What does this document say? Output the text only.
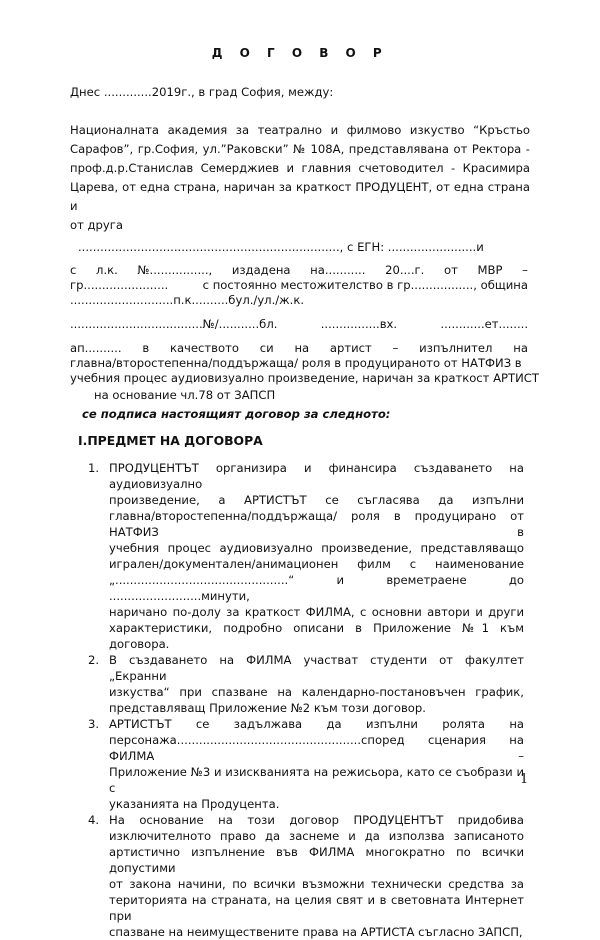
Д О Г О В О Р
Днес .............2019г., в град София, между:
Националната академия за театрално и филмово изкуство “Кръстьо
Сарафов”, гр.София, ул.”Раковски” № 108А, представлявана от Ректора -
проф.д.р.Станислав Семерджиев и главния счетоводител - Красимира
Царева, от една страна, наричан за краткост ПРОДУЦЕНТ, от една страна и
от друга
......................................................................., с ЕГН: ........................и
с л.к. №................, издадена на........... 20....г. от МВР –
гр.......................	с постоянно местожителство в гр................., община
............................п.к..........бул./ул./ж.к.
....................................№/...........бл.	................вх.	............ет........
ап.......... в качеството си на артист – изпълнител на
главна/второстепенна/поддържаща/ роля в продуцираното от НАТФИЗ в
учебния процес аудиовизуално произведение, наричан за краткост АРТИСТ
на основание чл.78 от ЗАПСП
се подписа настоящият договор за следното:
I.ПРЕДМЕТ НА ДОГОВОРА
1. ПРОДУЦЕНТЪТ организира и финансира създаването на аудиовизуално
произведение, а АРТИСТЪТ се съгласява да изпълни
главна/второстепенна/поддържаща/ роля в продуцирано от НАТФИЗ в
учебния процес аудиовизуално произведение, представляващо
игрален/документален/анимационен филм с наименование
„...............................................“ и времетраене до .........................минути,
наричано по-долу за краткост ФИЛМА, с основни автори и други
характеристики, подробно описани в Приложение №1 към договора.
2. В създаването на ФИЛМА участват студенти от факултет „Екранни
изкуства“ при спазване на календарно-постановъчен график,
представляващ Приложение №2 към този договор.
3. АРТИСТЪТ се задължава да изпълни ролята на
персонажа..................................................според сценария на ФИЛМА –
Приложение №3 и изискванията на режисьора, като се съобрази и с
указанията на Продуцента.
4. На основание на този договор ПРОДУЦЕНТЪТ придобива
изключителното право да заснеме и да използва записаното
артистично изпълнение във ФИЛМА многократно по всички допустими
от закона начини, по всички възможни технически средства за
територията на страната, на целия свят и в световната Интернет при
спазване на неимуществените права на АРТИСТА съгласно ЗАПСП,
1
